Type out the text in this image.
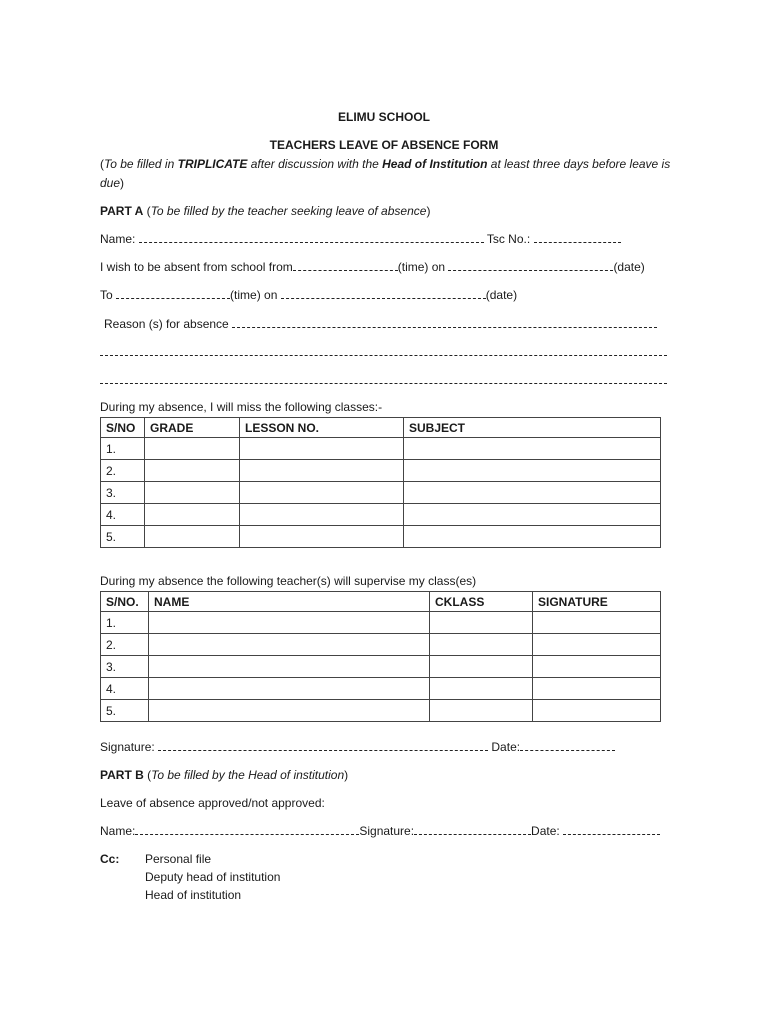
ELIMU SCHOOL
TEACHERS LEAVE OF ABSENCE FORM
(To be filled in TRIPLICATE after discussion with the Head of Institution at least three days before leave is
due)
PART A (To be filled by the teacher seeking leave of absence)
Name:	Tsc No.:
I wish to be absent from school from	(time) on	(date)
To	(time) on	(date)
Reason (s) for absence
During my absence, I will miss the following classes:-
S/NO	GRADE	LESSON NO.	SUBJECT
1.			
2.			
3.			
4.			
5.			
During my absence the following teacher(s) will supervise my class(es)
S/NO.	NAME	CKLASS	SIGNATURE
1.			
2.			
3.			
4.			
5.			
Signature:	Date:
PART B (To be filled by the Head of institution)
Leave of absence approved/not approved:
Name:	Signature:	Date:
Cc: Personal file
Deputy head of institution
Head of institution
